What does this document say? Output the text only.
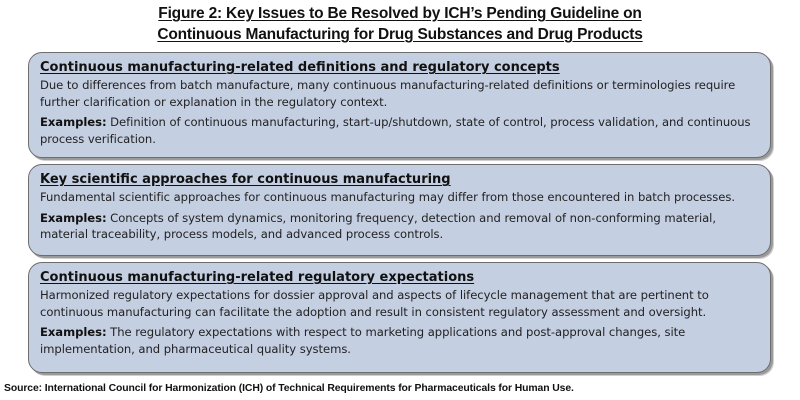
Figure 2: Key Issues to Be Resolved by ICH’s Pending Guideline on
Continuous Manufacturing for Drug Substances and Drug Products
Continuous manufacturing-related definitions and regulatory concepts
Due to differences from batch manufacture, many continuous manufacturing-related definitions or terminologies require further clarification or explanation in the regulatory context.
Examples: Definition of continuous manufacturing, start-up/shutdown, state of control, process validation, and continuous process verification.
Key scientific approaches for continuous manufacturing
Fundamental scientific approaches for continuous manufacturing may differ from those encountered in batch processes.
Examples: Concepts of system dynamics, monitoring frequency, detection and removal of non-conforming material, material traceability, process models, and advanced process controls.
Continuous manufacturing-related regulatory expectations
Harmonized regulatory expectations for dossier approval and aspects of lifecycle management that are pertinent to continuous manufacturing can facilitate the adoption and result in consistent regulatory assessment and oversight.
Examples: The regulatory expectations with respect to marketing applications and post-approval changes, site implementation, and pharmaceutical quality systems.
Source: International Council for Harmonization (ICH) of Technical Requirements for Pharmaceuticals for Human Use.
